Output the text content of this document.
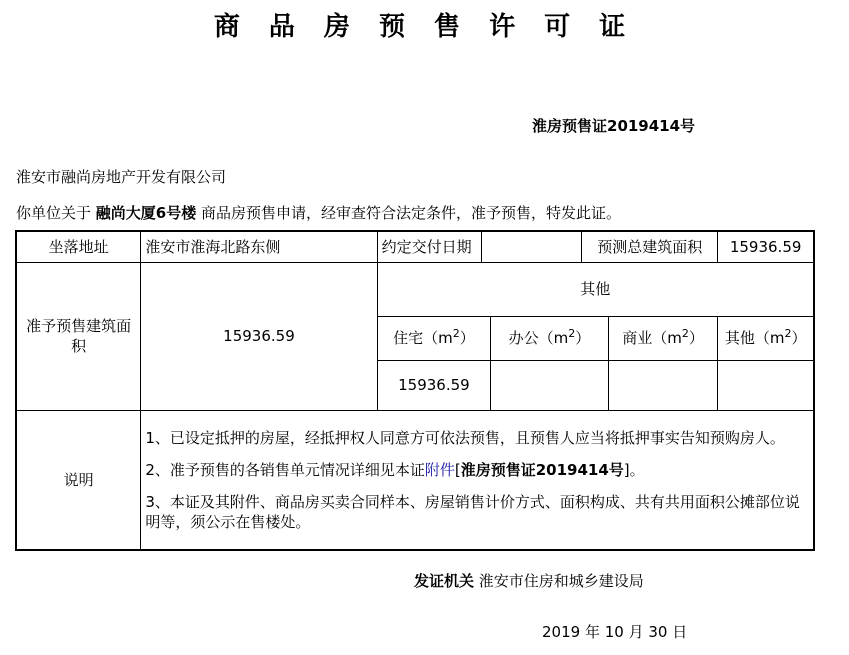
商 品 房 预 售 许 可 证
淮房预售证2019414号
淮安市融尚房地产开发有限公司
你单位关于 融尚大厦6号楼 商品房预售申请，经审查符合法定条件，准予预售，特发此证。
坐落地址	淮安市淮海北路东侧	约定交付日期			预测总建筑面积		15936.59
准予预售建筑面积	15936.59	其他					
		住宅$(m^2)$		办公$(m^2)$		商业$(m^2)$	其他$(m^2)$
		15936.59					
说明	1、已设定抵押的房屋，经抵押权人同意方可依法预售，且预售人应当将抵押事实告知预购房人。

2、准予预售的各销售单元情况详细见本证附件[淮房预售证2019414号]。

3、本证及其附件、商品房买卖合同样本、房屋销售计价方式、面积构成、共有共用面积公摊部位说明等，须公示在售楼处。						

发证机关 淮安市住房和城乡建设局
2019 年 10 月 30 日
